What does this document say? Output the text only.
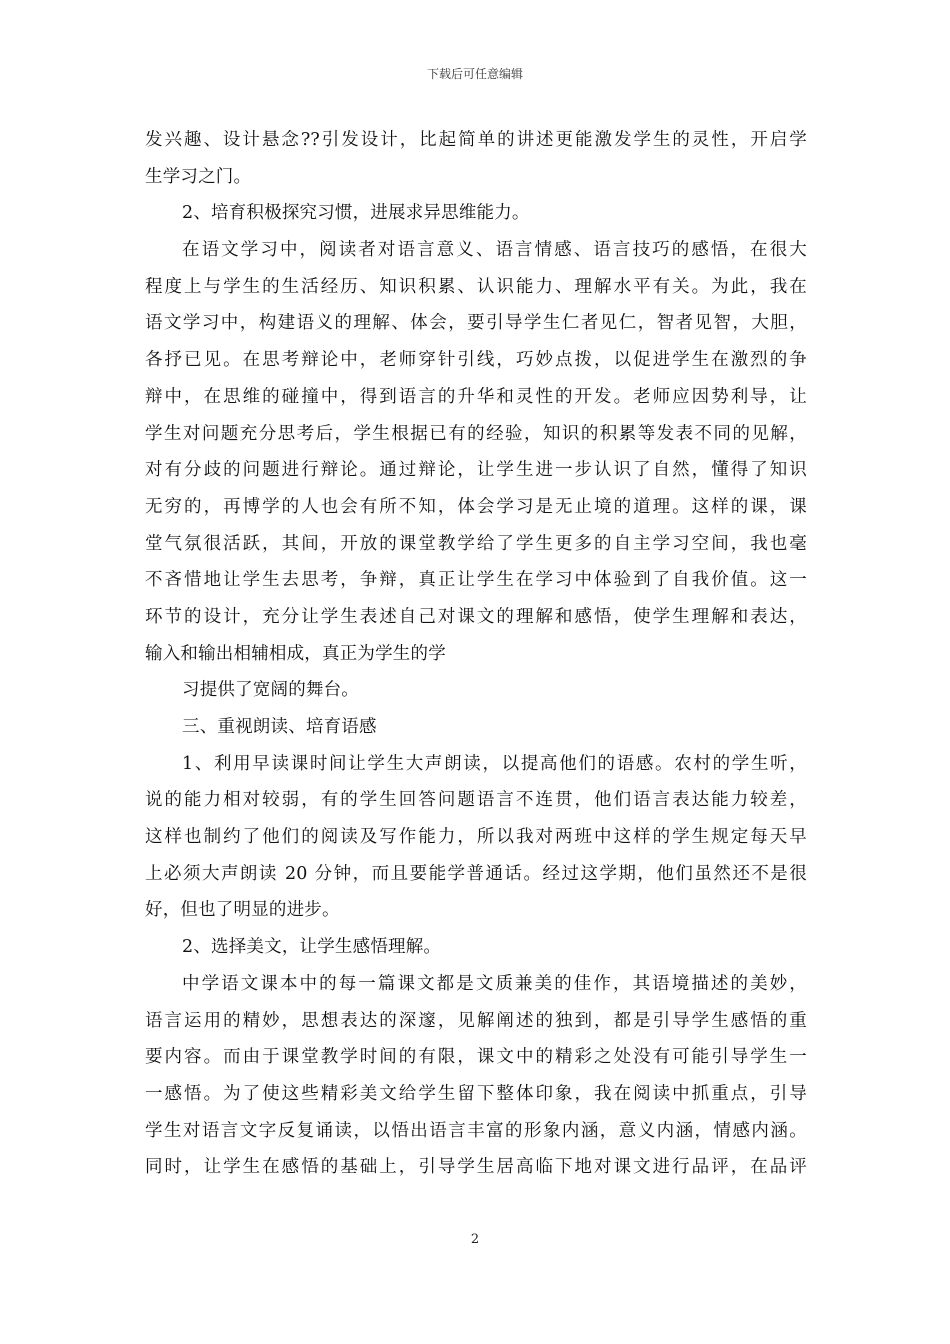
下载后可任意编辑
发兴趣、设计悬念??引发设计，比起简单的讲述更能激发学生的灵性，开启学
生学习之门。
2、培育积极探究习惯，进展求异思维能力。
在语文学习中，阅读者对语言意义、语言情感、语言技巧的感悟，在很大
程度上与学生的生活经历、知识积累、认识能力、理解水平有关。为此，我在
语文学习中，构建语义的理解、体会，要引导学生仁者见仁，智者见智，大胆，
各抒已见。在思考辩论中，老师穿针引线，巧妙点拨，以促进学生在激烈的争
辩中，在思维的碰撞中，得到语言的升华和灵性的开发。老师应因势利导，让
学生对问题充分思考后，学生根据已有的经验，知识的积累等发表不同的见解，
对有分歧的问题进行辩论。通过辩论，让学生进一步认识了自然，懂得了知识
无穷的，再博学的人也会有所不知，体会学习是无止境的道理。这样的课，课
堂气氛很活跃，其间，开放的课堂教学给了学生更多的自主学习空间，我也毫
不吝惜地让学生去思考，争辩，真正让学生在学习中体验到了自我价值。这一
环节的设计，充分让学生表述自己对课文的理解和感悟，使学生理解和表达，
输入和输出相辅相成，真正为学生的学
习提供了宽阔的舞台。
三、重视朗读、培育语感
1、利用早读课时间让学生大声朗读，以提高他们的语感。农村的学生听，
说的能力相对较弱，有的学生回答问题语言不连贯，他们语言表达能力较差，
这样也制约了他们的阅读及写作能力，所以我对两班中这样的学生规定每天早
上必须大声朗读 20 分钟，而且要能学普通话。经过这学期，他们虽然还不是很
好，但也了明显的进步。
2、选择美文，让学生感悟理解。
中学语文课本中的每一篇课文都是文质兼美的佳作，其语境描述的美妙，
语言运用的精妙，思想表达的深邃，见解阐述的独到，都是引导学生感悟的重
要内容。而由于课堂教学时间的有限，课文中的精彩之处没有可能引导学生一
一感悟。为了使这些精彩美文给学生留下整体印象，我在阅读中抓重点，引导
学生对语言文字反复诵读，以悟出语言丰富的形象内涵，意义内涵，情感内涵。
同时，让学生在感悟的基础上，引导学生居高临下地对课文进行品评，在品评
2
